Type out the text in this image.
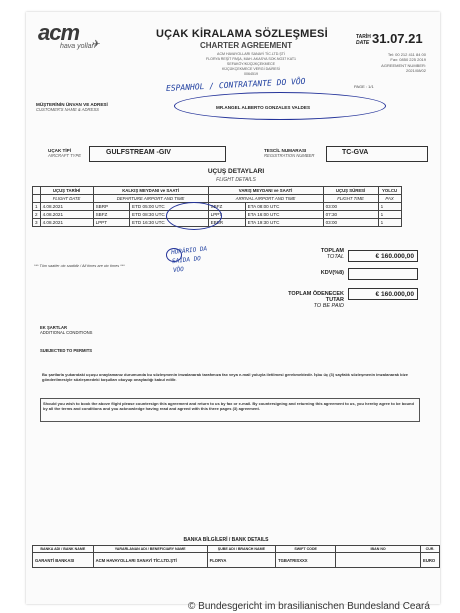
acm
hava yolları
✈
UÇAK KİRALAMA SÖZLEŞMESİ
CHARTER AGREEMENT
ACM HAVAYOLLARI SANAYİ TİC.LTD.ŞTİ
FLORYA REŞİT PAŞA, MAH. AKASYA SOK.NO37 KAT1
SEFAKÖY/KÜÇÜKÇEKMECE
KÜÇÜKÇEKMECE VERGİ DAİRESİ
0064519
TARİH
DATE 31.07.21
Tel: 00 212 411 84 00
Fax: 0850 225 2019
AGREEMENT NUMBER:
2021/08/02
PAGE : 1/1
ESPANHOL / CONTRATANTE DO VÔO
MÜŞTERİNİN ÜNVAN VE ADRESİ
CUSTOMER'S NAME & ADRESS	MR.ANGEL ALBERTO GONZALES VALDES
UÇAK TİPİ
AIRCRAFT TYPE	GULFSTREAM -GIV	TESCİL NUMARASI
REGISTRATION NUMBER	TC-GVA
UÇUŞ DETAYLARI
FLIGHT DETAILS
	UÇUŞ TARİHİ	KALKIŞ MEYDANI ve SAATİ		VARIŞ MEYDANI ve SAATİ		UÇUŞ SÜRESİ	YOLCU
	FLIGHT DATE	DEPARTURE AIRPORT AND TIME		ARRIVAL AIRPORT AND TIME		FLIGHT TIME	PAX
1	4.08.2021	SBRP	ETD 05:00 UTC	SBFZ	ETA 08:00 UTC	03:00	1
2	4.08.2021	SBFZ	ETD 08:30 UTC	LPPT	ETA 16:00 UTC	07:30	1
3	4.08.2021	LPPT	ETD 16:30 UTC	EBBR	ETA 19:30 UTC	03:00	1
HORÁRIO DA SAÍDA DO VÔO
*** Tüm saatler utc saatidir / All times are utc times ***
TOPLAM
TOTAL	€ 160.000,00
KDV(%8)
TOPLAM ÖDENECEK TUTAR
TO BE PAID
€ 160.000,00
EK ŞARTLAR
ADDITIONAL CONDITIONS
SUBJECTED TO PERMITS
Bu şartlarla yukarıdaki uçuşu onaylamanız durumunda bu sözleşmenin imzalanarak tarafımıza fax veya e-mail yoluyla iletilmesi gerekmektedir. İşbu üç (3) sayfalık sözleşmenin imzalanarak bize gönderilmesiyle sözleşmedeki koşulları okuyup onayladığı kabul edilir.
Should you wish to book the above flight please countersign this agreement and return to us by fax or e-mail. By countersigning and returning this agreement to us, you hereby agree to be bound by all the terms and conditions and you acknowledge having read and agreed with this three pages (3) agreement.
BANKA BİLGİLERİ / BANK DETAILS
BANKA ADI / BANK NAME	YARARLANAN ADI / BENEFICIARY NAME	ŞUBE ADI / BRANCH NAME	SWIFT CODE	IBAN NO	CUR.
GARANTİ BANKASI	ACM HAVAYOLLARI SANAYİ TİC.LTD.ŞTİ	FLORYA	TGBATRISXXX		EURO
© Bundesgericht im brasilianischen Bundesland Ceará
